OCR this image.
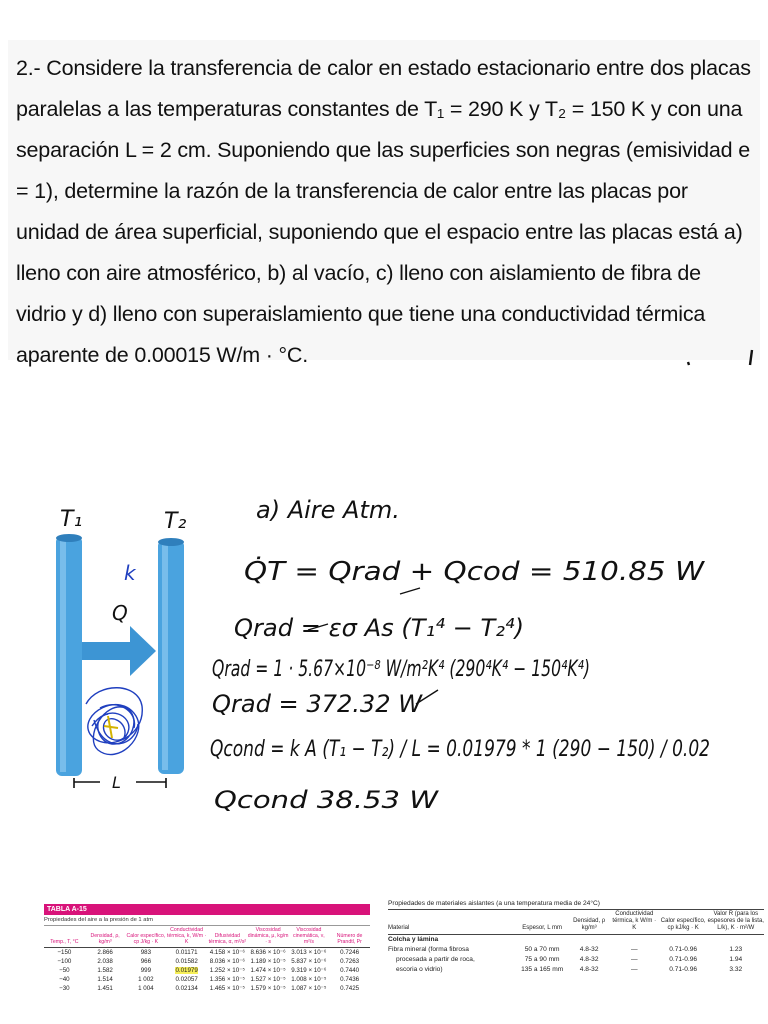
2.- Considere la transferencia de calor en estado estacionario entre dos placas paralelas a las temperaturas constantes de T₁ = 290 K y T₂ = 150 K y con una separación L = 2 cm. Suponiendo que las superficies son negras (emisividad e = 1), determine la razón de la transferencia de calor entre las placas por unidad de área superficial, suponiendo que el espacio entre las placas está a) lleno con aire atmosférico, b) al vacío, c) lleno con aislamiento de fibra de vidrio y d) lleno con superaislamiento que tiene una conductividad térmica aparente de 0.00015 W/m · °C.

L
T₁	T₂
k
Q
a) Aire Atm.
Q̇T = Qrad + Qcod = 510.85 W
Qrad = εσ As (T₁⁴ − T₂⁴)
Qrad = 1 · 5.67×10⁻⁸ W/m²K⁴ (290⁴K⁴ − 150⁴K⁴)
Qrad = 372.32 W
Qcond = k A (T₁ − T₂) / L = 0.01979 * 1 (290 − 150) / 0.02
Qcond 38.53 W
TABLA A-15
Propiedades del aire a la presión de 1 atm
Temp., T, °C	Densidad, ρ, kg/m³	Calor específico, cp J/kg · K	Conductividad térmica, k, W/m · K	Difusividad térmica, α, m²/s²	Viscosidad dinámica, μ, kg/m · s	Viscosidad cinemática, ν, m²/s	Número de Prandtl, Pr
−150	2.866	983	0.01171	4.158 × 10⁻⁶	8.636 × 10⁻⁶	3.013 × 10⁻⁶	0.7246
−100	2.038	966	0.01582	8.036 × 10⁻⁶	1.189 × 10⁻⁵	5.837 × 10⁻⁶	0.7263
−50	1.582	999	0.01979	1.252 × 10⁻⁵	1.474 × 10⁻⁵	9.319 × 10⁻⁶	0.7440
−40	1.514	1 002	0.02057	1.356 × 10⁻⁵	1.527 × 10⁻⁵	1.008 × 10⁻⁵	0.7436
−30	1.451	1 004	0.02134	1.465 × 10⁻⁵	1.579 × 10⁻⁵	1.087 × 10⁻⁵	0.7425
Propiedades de materiales aislantes (a una temperatura media de 24°C)
Material	Espesor, L mm	Densidad, ρ kg/m³	Conductividad térmica, k W/m · K	Calor específico, cp kJ/kg · K	Valor R (para los espesores de la lista, L/k), K · m²/W
Colcha y lámina					
Fibra mineral (forma fibrosa	50 a 70 mm	4.8-32	—	0.71-0.96	1.23
procesada a partir de roca,	75 a 90 mm	4.8-32	—	0.71-0.96	1.94
escoria o vidrio)	135 a 165 mm	4.8-32	—	0.71-0.96	3.32
